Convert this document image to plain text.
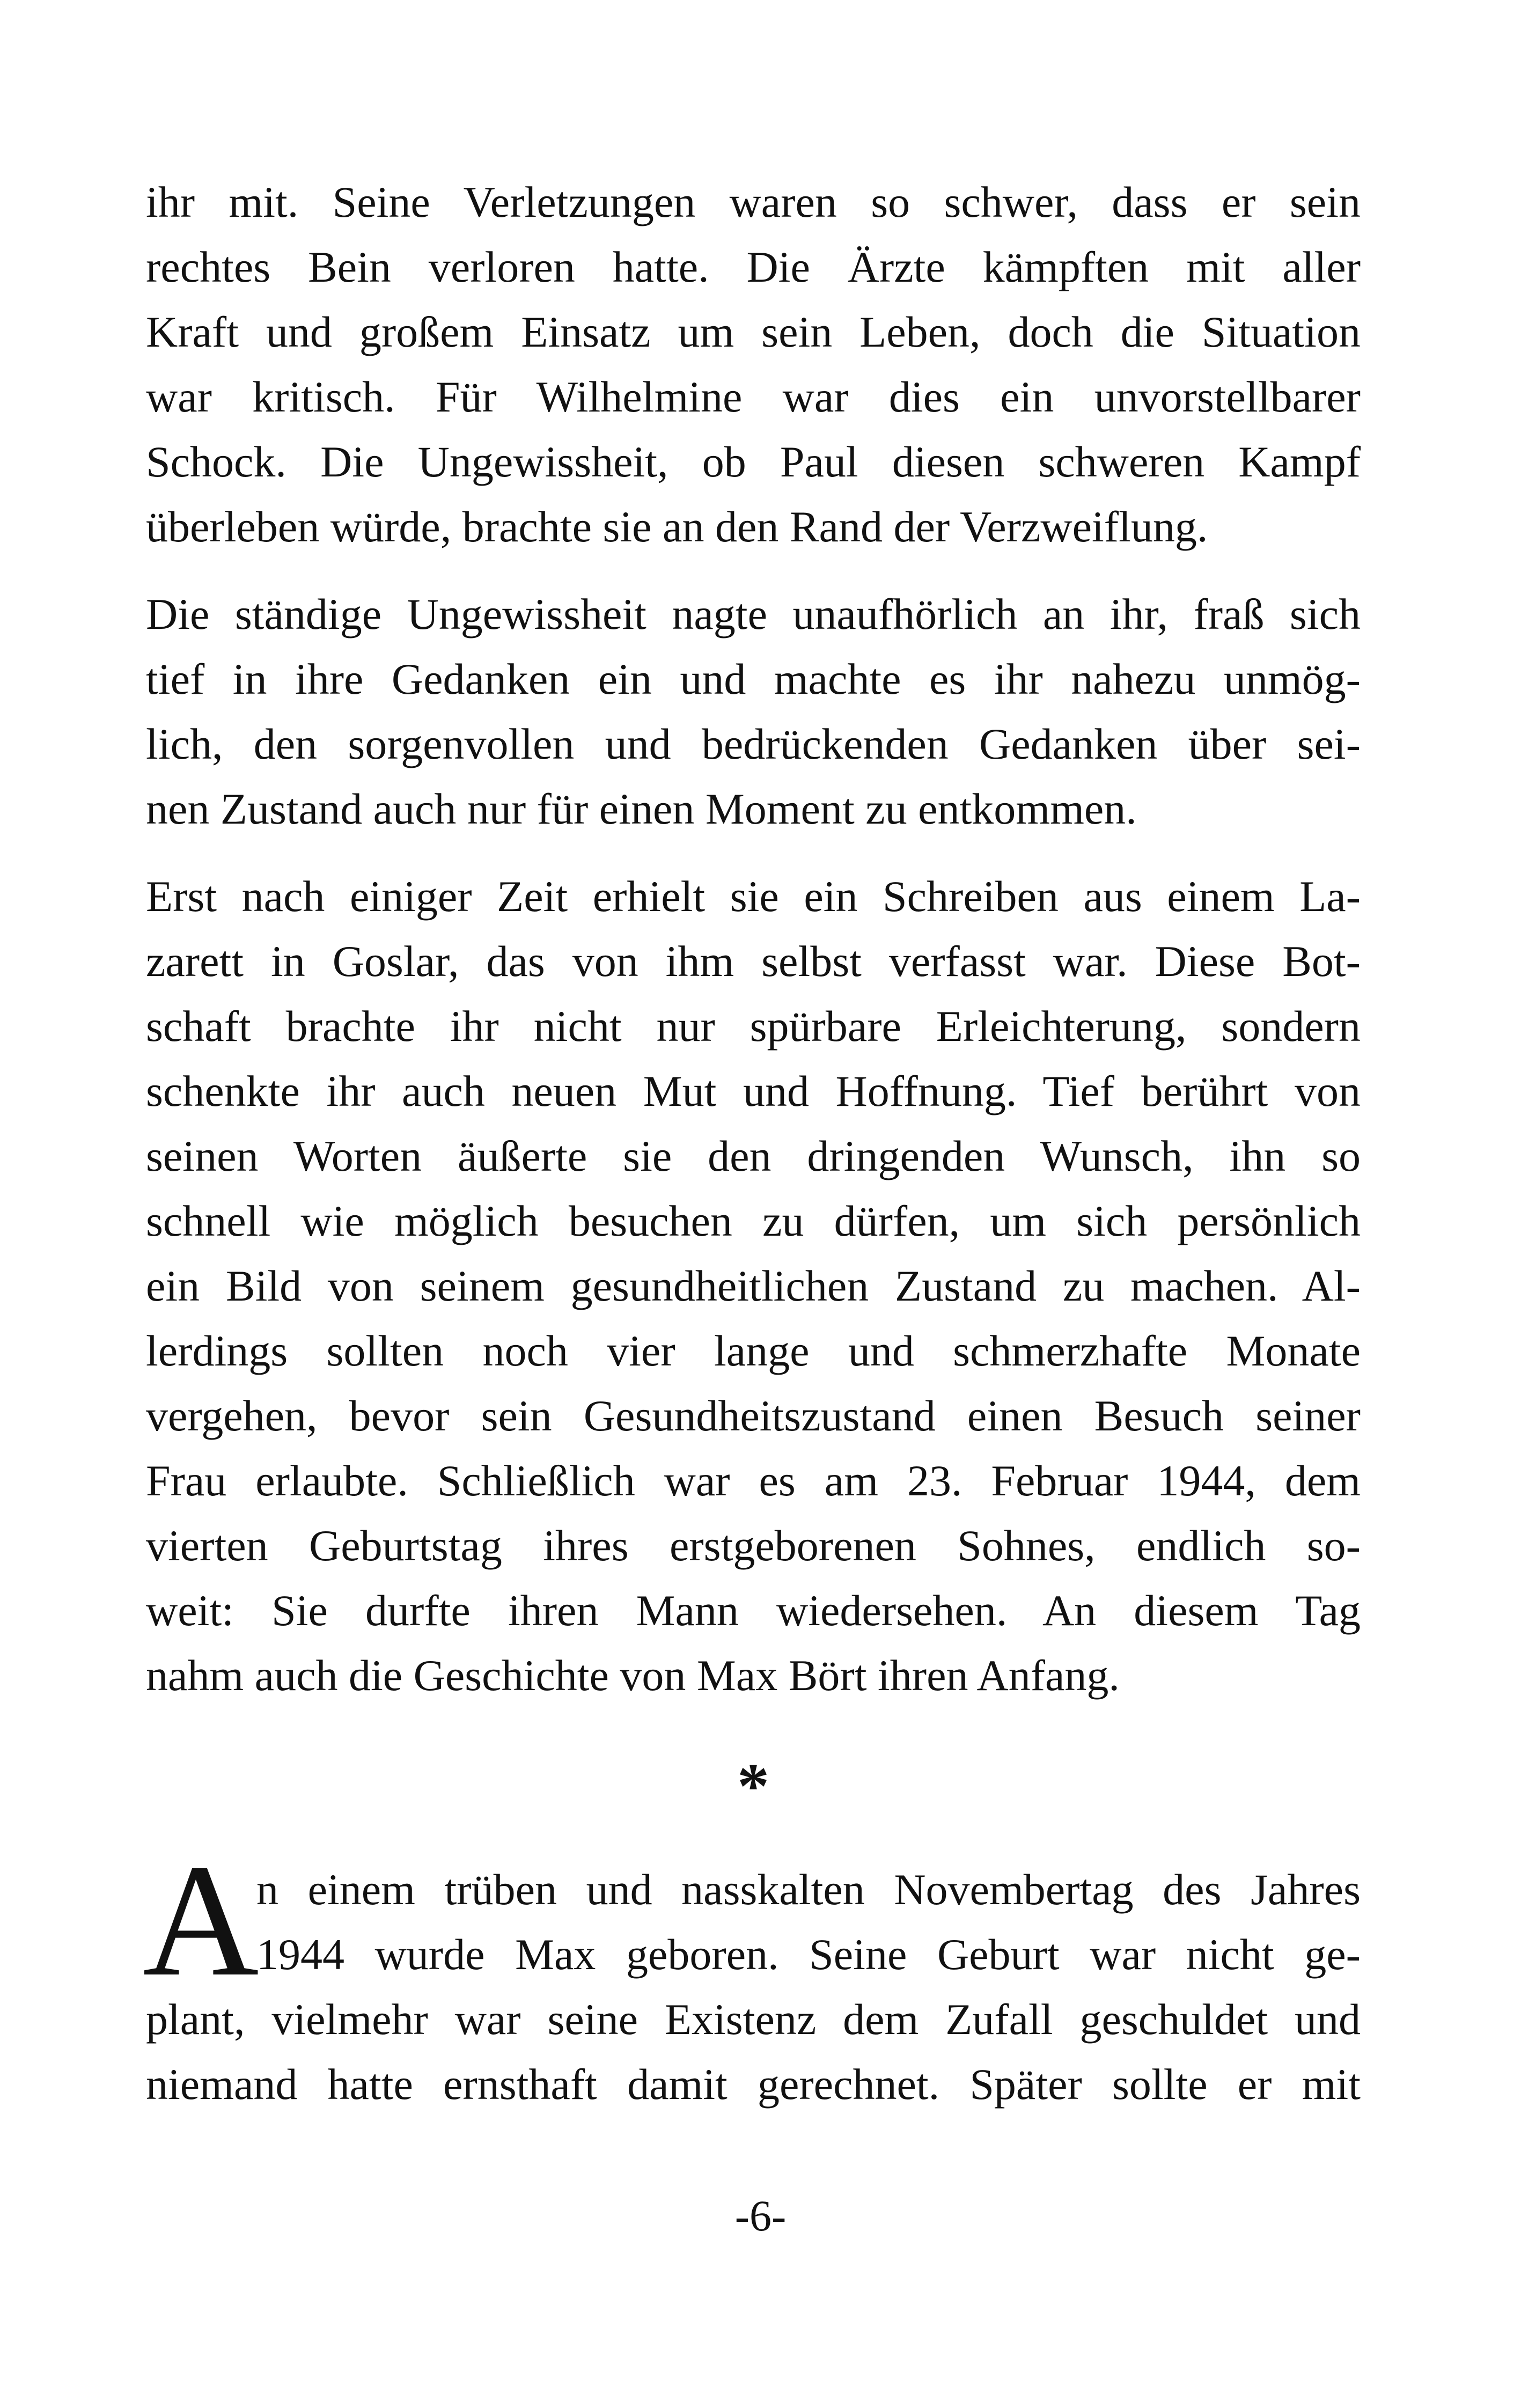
ihr mit. Seine Verletzungen waren so schwer, dass er sein
rechtes Bein verloren hatte. Die Ärzte kämpften mit aller
Kraft und großem Einsatz um sein Leben, doch die Situation
war kritisch. Für Wilhelmine war dies ein unvorstellbarer
Schock. Die Ungewissheit, ob Paul diesen schweren Kampf
überleben würde, brachte sie an den Rand der Verzweiflung.
Die ständige Ungewissheit nagte unaufhörlich an ihr, fraß sich
tief in ihre Gedanken ein und machte es ihr nahezu unmög-
lich, den sorgenvollen und bedrückenden Gedanken über sei-
nen Zustand auch nur für einen Moment zu entkommen.
Erst nach einiger Zeit erhielt sie ein Schreiben aus einem La-
zarett in Goslar, das von ihm selbst verfasst war. Diese Bot-
schaft brachte ihr nicht nur spürbare Erleichterung, sondern
schenkte ihr auch neuen Mut und Hoffnung. Tief berührt von
seinen Worten äußerte sie den dringenden Wunsch, ihn so
schnell wie möglich besuchen zu dürfen, um sich persönlich
ein Bild von seinem gesundheitlichen Zustand zu machen. Al-
lerdings sollten noch vier lange und schmerzhafte Monate
vergehen, bevor sein Gesundheitszustand einen Besuch seiner
Frau erlaubte. Schließlich war es am 23. Februar 1944, dem
vierten Geburtstag ihres erstgeborenen Sohnes, endlich so-
weit: Sie durfte ihren Mann wiedersehen. An diesem Tag
nahm auch die Geschichte von Max Bört ihren Anfang.
*
A
n einem trüben und nasskalten Novembertag des Jahres
1944 wurde Max geboren. Seine Geburt war nicht ge-
plant, vielmehr war seine Existenz dem Zufall geschuldet und
niemand hatte ernsthaft damit gerechnet. Später sollte er mit
-6-
